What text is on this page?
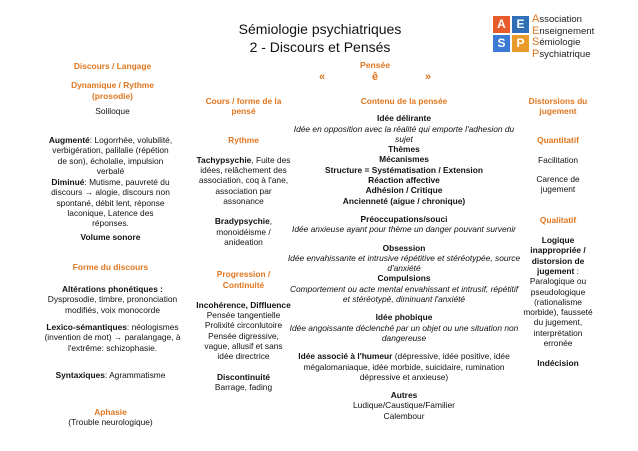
Sémiologie psychiatriques
2 - Discours et Pensés
A E
S P
Association
Enseignement
Sémiologie
Psychiatrique
Pensée
«	ê	»
Discours / Langage
Dynamique / Rythme (prosodie)
Soliloque
Augmenté: Logorrhée, volubilité, verbigération, palilalie (répétion de son), écholalie, impulsion verbalé
Diminué: Mutisme, pauvreté du discours → alogie, discours non spontané, débit lent, réponse laconique, Latence des réponses.
Volume sonore
Forme du discours
Altérations phonétiques :
Dysprosodie, timbre, prononciation modifiés, voix monocorde
Lexico-sémantiques: néologismes (invention de mot) → paralangage, à l'extrême: schizophasie.
Syntaxiques: Agrammatisme
Aphasie
(Trouble neurologique)
Cours / forme de la pensé
Rythme
Tachypsychie, Fuite des idées, relâchement des association, coq à l'ane, association par assonance
Bradypsychie, monoidéisme / anideation
Progression / Continuité
Incohérence, Diffluence
Pensée tangentielle Prolixité circonlutoire Pensée digressive, vague, allusif et sans idée directrice
Discontinuité
Barrage, fading
Contenu de la pensée
Idée délirante
Idée en opposition avec la réalité qui emporte l'adhesion du sujet
Thèmes
Mécanismes
Structure = Systématisation / Extension
Réaction affective
Adhésion / Critique
Ancienneté (aigue / chronique)
Préoccupations/souci
Idée anxieuse ayant pour thème un danger pouvant survenir
Obsession
Idée envahissante et intrusive répétitive et stéréotypée, source d'anxiété
Compulsions
Comportement ou acte mental envahissant et intrusif, répétitif et stéréotypé, diminuant l'anxiété
Idée phobique
Idée angoissante déclenché par un objet ou une situation non dangereuse
Idée associé à l'humeur (dépressive, idée positive, idée mégalomaniaque, idée morbide, suicidaire, rumination dépressive et anxieuse)
Autres
Ludique/Caustique/Familier
Calembour
Distorsions du jugement
Quantitatif
Facilitation
Carence de jugement
Qualitatif
Logique inappropriée / distorsion de jugement : Paralogique ou pseudologique (rationalisme morbide), fausseté du jugement, interprétation erronée
Indécision
